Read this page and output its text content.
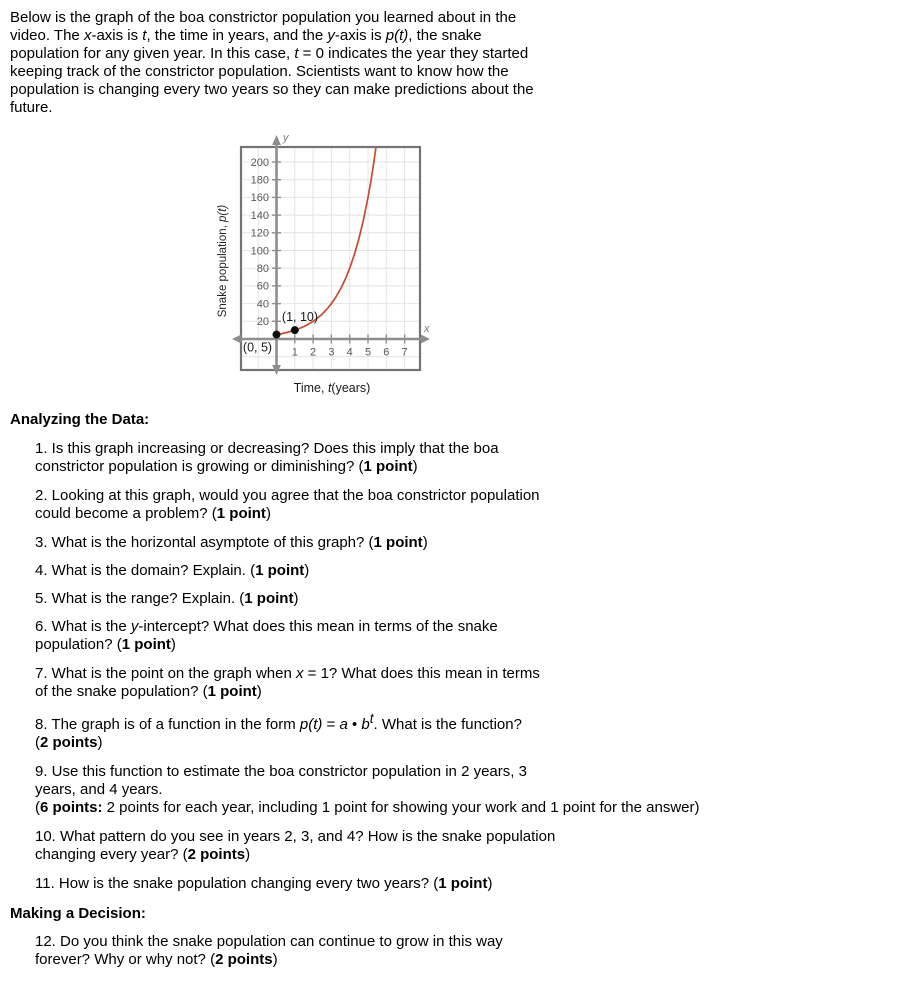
Below is the graph of the boa constrictor population you learned about in the
video. The x-axis is t, the time in years, and the y-axis is p(t), the snake
population for any given year. In this case, t = 0 indicates the year they started
keeping track of the constrictor population. Scientists want to know how the
population is changing every two years so they can make predictions about the
future.
20
40
60
80
100
120
140
160
180
200
1 2 3 4 5 6 7
y
x
(0, 5)
(1, 10)
Time, t(years)
Snake population, p(t)
Analyzing the Data:
1. Is this graph increasing or decreasing? Does this imply that the boa
constrictor population is growing or diminishing? (1 point)
2. Looking at this graph, would you agree that the boa constrictor population
could become a problem? (1 point)
3. What is the horizontal asymptote of this graph? (1 point)
4. What is the domain? Explain. (1 point)
5. What is the range? Explain. (1 point)
6. What is the y-intercept? What does this mean in terms of the snake
population? (1 point)
7. What is the point on the graph when x = 1? What does this mean in terms
of the snake population? (1 point)
8. The graph is of a function in the form p(t) = a • bt. What is the function?
(2 points)
9. Use this function to estimate the boa constrictor population in 2 years, 3
years, and 4 years.
(6 points: 2 points for each year, including 1 point for showing your work and 1 point for the answer)
10. What pattern do you see in years 2, 3, and 4? How is the snake population
changing every year? (2 points)
11. How is the snake population changing every two years? (1 point)
Making a Decision:
12. Do you think the snake population can continue to grow in this way
forever? Why or why not? (2 points)
